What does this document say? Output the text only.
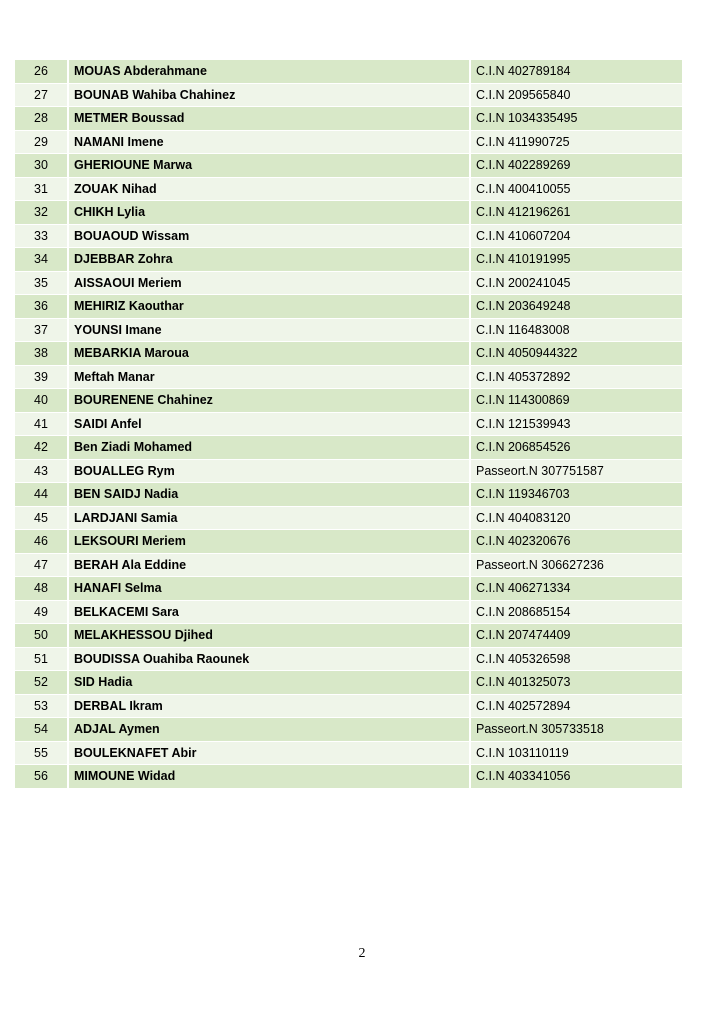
26	MOUAS Abderahmane	C.I.N 402789184
27	BOUNAB Wahiba Chahinez	C.I.N 209565840
28	METMER Boussad	C.I.N 1034335495
29	NAMANI Imene	C.I.N 411990725
30	GHERIOUNE Marwa	C.I.N 402289269
31	ZOUAK Nihad	C.I.N 400410055
32	CHIKH Lylia	C.I.N 412196261
33	BOUAOUD Wissam	C.I.N 410607204
34	DJEBBAR Zohra	C.I.N 410191995
35	AISSAOUI Meriem	C.I.N 200241045
36	MEHIRIZ Kaouthar	C.I.N 203649248
37	YOUNSI Imane	C.I.N 116483008
38	MEBARKIA Maroua	C.I.N 4050944322
39	Meftah Manar	C.I.N 405372892
40	BOURENENE Chahinez	C.I.N 114300869
41	SAIDI Anfel	C.I.N 121539943
42	Ben Ziadi Mohamed	C.I.N 206854526
43	BOUALLEG Rym	Passeort.N 307751587
44	BEN SAIDJ Nadia	C.I.N 119346703
45	LARDJANI Samia	C.I.N 404083120
46	LEKSOURI Meriem	C.I.N 402320676
47	BERAH Ala Eddine	Passeort.N 306627236
48	HANAFI Selma	C.I.N 406271334
49	BELKACEMI Sara	C.I.N 208685154
50	MELAKHESSOU Djihed	C.I.N 207474409
51	BOUDISSA Ouahiba Raounek	C.I.N 405326598
52	SID Hadia	C.I.N 401325073
53	DERBAL Ikram	C.I.N 402572894
54	ADJAL Aymen	Passeort.N 305733518
55	BOULEKNAFET Abir	C.I.N 103110119
56	MIMOUNE Widad	C.I.N 403341056
2
